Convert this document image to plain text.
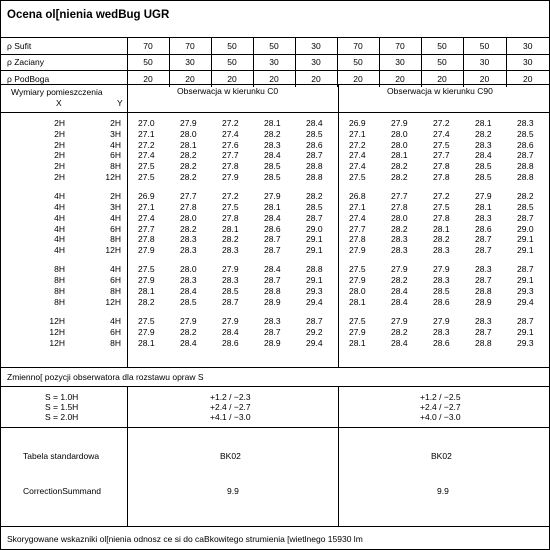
Ocena ol[nienia wedBug UGR
ρ Sufit	70	70	50	50	30	70	70	50	50	30
ρ Zaciany	50	30	50	30	30	50	30	50	30	30
ρ PodBoga	20	20	20	20	20	20	20	20	20	20
Wymiary pomieszczenia
X	Y
Obserwacja w kierunku C0	Obserwacja w kierunku C90
2H	2H			27.0	27.9	27.2	28.1	28.4		26.9	27.9	27.2	28.1	28.3
2H	3H			27.1	28.0	27.4	28.2	28.5		27.1	28.0	27.4	28.2	28.5
2H	4H			27.2	28.1	27.6	28.3	28.6		27.2	28.0	27.5	28.3	28.6
2H	6H			27.4	28.2	27.7	28.4	28.7		27.4	28.1	27.7	28.4	28.7
2H	8H			27.5	28.2	27.8	28.5	28.8		27.4	28.2	27.8	28.5	28.8
2H	12H			27.5	28.2	27.9	28.5	28.8		27.5	28.2	27.8	28.5	28.8

4H	2H			26.9	27.7	27.2	27.9	28.2		26.8	27.7	27.2	27.9	28.2
4H	3H			27.1	27.8	27.5	28.1	28.5		27.1	27.8	27.5	28.1	28.5
4H	4H			27.4	28.0	27.8	28.4	28.7		27.4	28.0	27.8	28.3	28.7
4H	6H			27.7	28.2	28.1	28.6	29.0		27.7	28.2	28.1	28.6	29.0
4H	8H			27.8	28.3	28.2	28.7	29.1		27.8	28.3	28.2	28.7	29.1
4H	12H			27.9	28.3	28.3	28.7	29.1		27.9	28.3	28.3	28.7	29.1

8H	4H			27.5	28.0	27.9	28.4	28.8		27.5	27.9	27.9	28.3	28.7
8H	6H			27.9	28.3	28.3	28.7	29.1		27.9	28.2	28.3	28.7	29.1
8H	8H			28.1	28.4	28.5	28.8	29.3		28.0	28.4	28.5	28.8	29.3
8H	12H			28.2	28.5	28.7	28.9	29.4		28.1	28.4	28.6	28.9	29.4

12H	4H			27.5	27.9	27.9	28.3	28.7		27.5	27.9	27.9	28.3	28.7
12H	6H			27.9	28.2	28.4	28.7	29.2		27.9	28.2	28.3	28.7	29.1
12H	8H			28.1	28.4	28.6	28.9	29.4		28.1	28.4	28.6	28.8	29.3
Zmienno[ pozycji obserwatora dla rozstawu opraw S
S = 1.0H	+1.2 / −2.3	+1.2 / −2.5
S = 1.5H	+2.4 / −2.7	+2.4 / −2.7
S = 2.0H	+4.1 / −3.0	+4.0 / −3.0
Tabela standardowa	BK02	BK02
CorrectionSummand	9.9	9.9
Skorygowane wskazniki ol[nienia odnosz ce si do caBkowitego strumienia [wietlnego 15930 lm
